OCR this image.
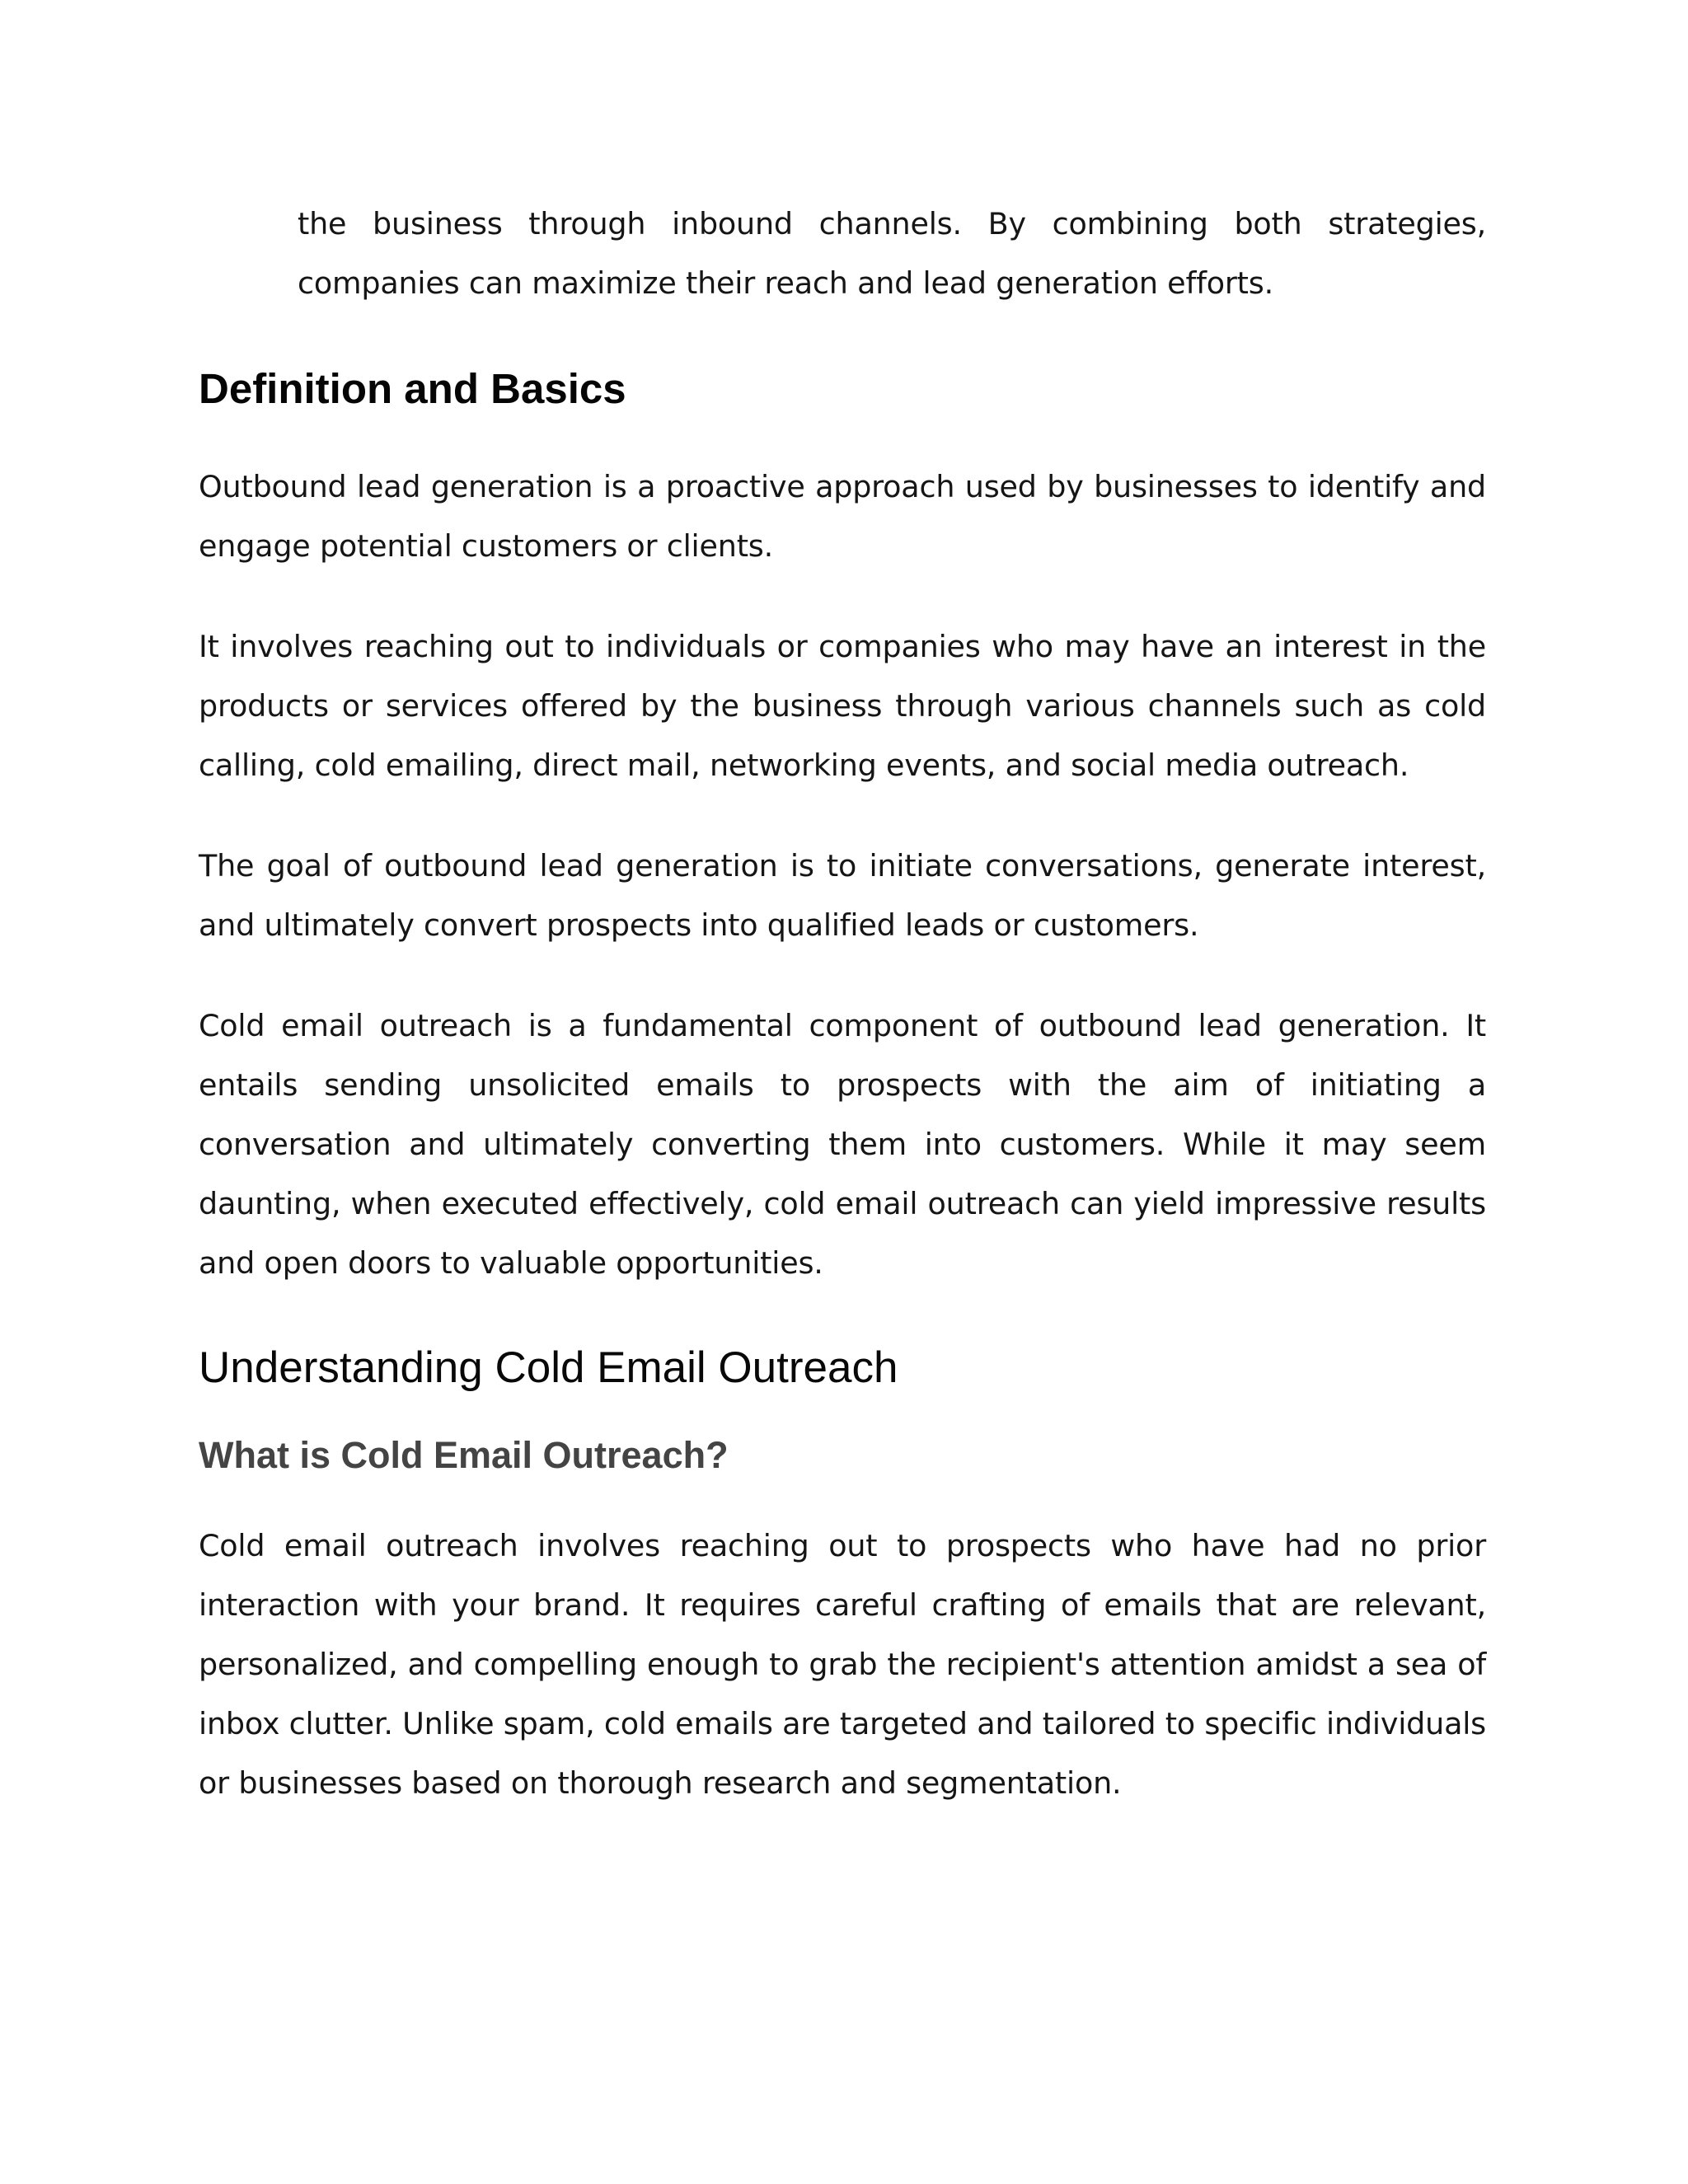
the business through inbound channels. By combining both strategies, companies can maximize their reach and lead generation efforts.

Definition and Basics

Outbound lead generation is a proactive approach used by businesses to identify and engage potential customers or clients.

It involves reaching out to individuals or companies who may have an interest in the products or services offered by the business through various channels such as cold calling, cold emailing, direct mail, networking events, and social media outreach.

The goal of outbound lead generation is to initiate conversations, generate interest, and ultimately convert prospects into qualified leads or customers.

Cold email outreach is a fundamental component of outbound lead generation. It entails sending unsolicited emails to prospects with the aim of initiating a conversation and ultimately converting them into customers. While it may seem daunting, when executed effectively, cold email outreach can yield impressive results and open doors to valuable opportunities.

Understanding Cold Email Outreach
What is Cold Email Outreach?

Cold email outreach involves reaching out to prospects who have had no prior interaction with your brand. It requires careful crafting of emails that are relevant, personalized, and compelling enough to grab the recipient's attention amidst a sea of inbox clutter. Unlike spam, cold emails are targeted and tailored to specific individuals or businesses based on thorough research and segmentation.
